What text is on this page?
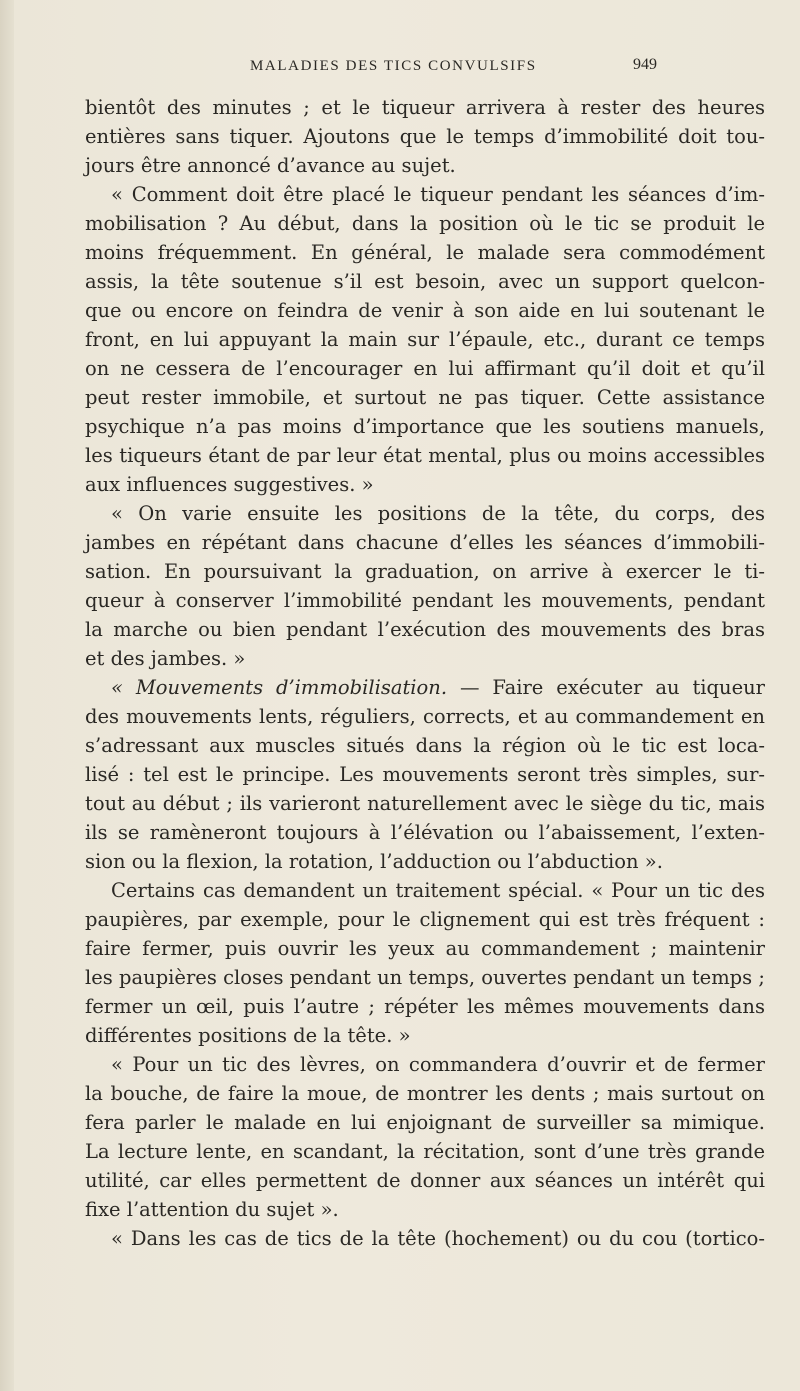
MALADIES DES TICS CONVULSIFS	949
bientôt des minutes ; et le tiqueur arrivera à rester des heures
entières sans tiquer. Ajoutons que le temps d’immobilité doit tou-
jours être annoncé d’avance au sujet.
« Comment doit être placé le tiqueur pendant les séances d’im-
mobilisation ? Au début, dans la position où le tic se produit le
moins fréquemment. En général, le malade sera commodément
assis, la tête soutenue s’il est besoin, avec un support quelcon-
que ou encore on feindra de venir à son aide en lui soutenant le
front, en lui appuyant la main sur l’épaule, etc., durant ce temps
on ne cessera de l’encourager en lui affirmant qu’il doit et qu’il
peut rester immobile, et surtout ne pas tiquer. Cette assistance
psychique n’a pas moins d’importance que les soutiens manuels,
les tiqueurs étant de par leur état mental, plus ou moins accessibles
aux influences suggestives. »
« On varie ensuite les positions de la tête, du corps, des
jambes en répétant dans chacune d’elles les séances d’immobili-
sation. En poursuivant la graduation, on arrive à exercer le ti-
queur à conserver l’immobilité pendant les mouvements, pendant
la marche ou bien pendant l’exécution des mouvements des bras
et des jambes. »
« Mouvements d’immobilisation. — Faire exécuter au tiqueur
des mouvements lents, réguliers, corrects, et au commandement en
s’adressant aux muscles situés dans la région où le tic est loca-
lisé : tel est le principe. Les mouvements seront très simples, sur-
tout au début ; ils varieront naturellement avec le siège du tic, mais
ils se ramèneront toujours à l’élévation ou l’abaissement, l’exten-
sion ou la flexion, la rotation, l’adduction ou l’abduction ».
Certains cas demandent un traitement spécial. « Pour un tic des
paupières, par exemple, pour le clignement qui est très fréquent :
faire fermer, puis ouvrir les yeux au commandement ; maintenir
les paupières closes pendant un temps, ouvertes pendant un temps ;
fermer un œil, puis l’autre ; répéter les mêmes mouvements dans
différentes positions de la tête. »
« Pour un tic des lèvres, on commandera d’ouvrir et de fermer
la bouche, de faire la moue, de montrer les dents ; mais surtout on
fera parler le malade en lui enjoignant de surveiller sa mimique.
La lecture lente, en scandant, la récitation, sont d’une très grande
utilité, car elles permettent de donner aux séances un intérêt qui
fixe l’attention du sujet ».
« Dans les cas de tics de la tête (hochement) ou du cou (tortico-
